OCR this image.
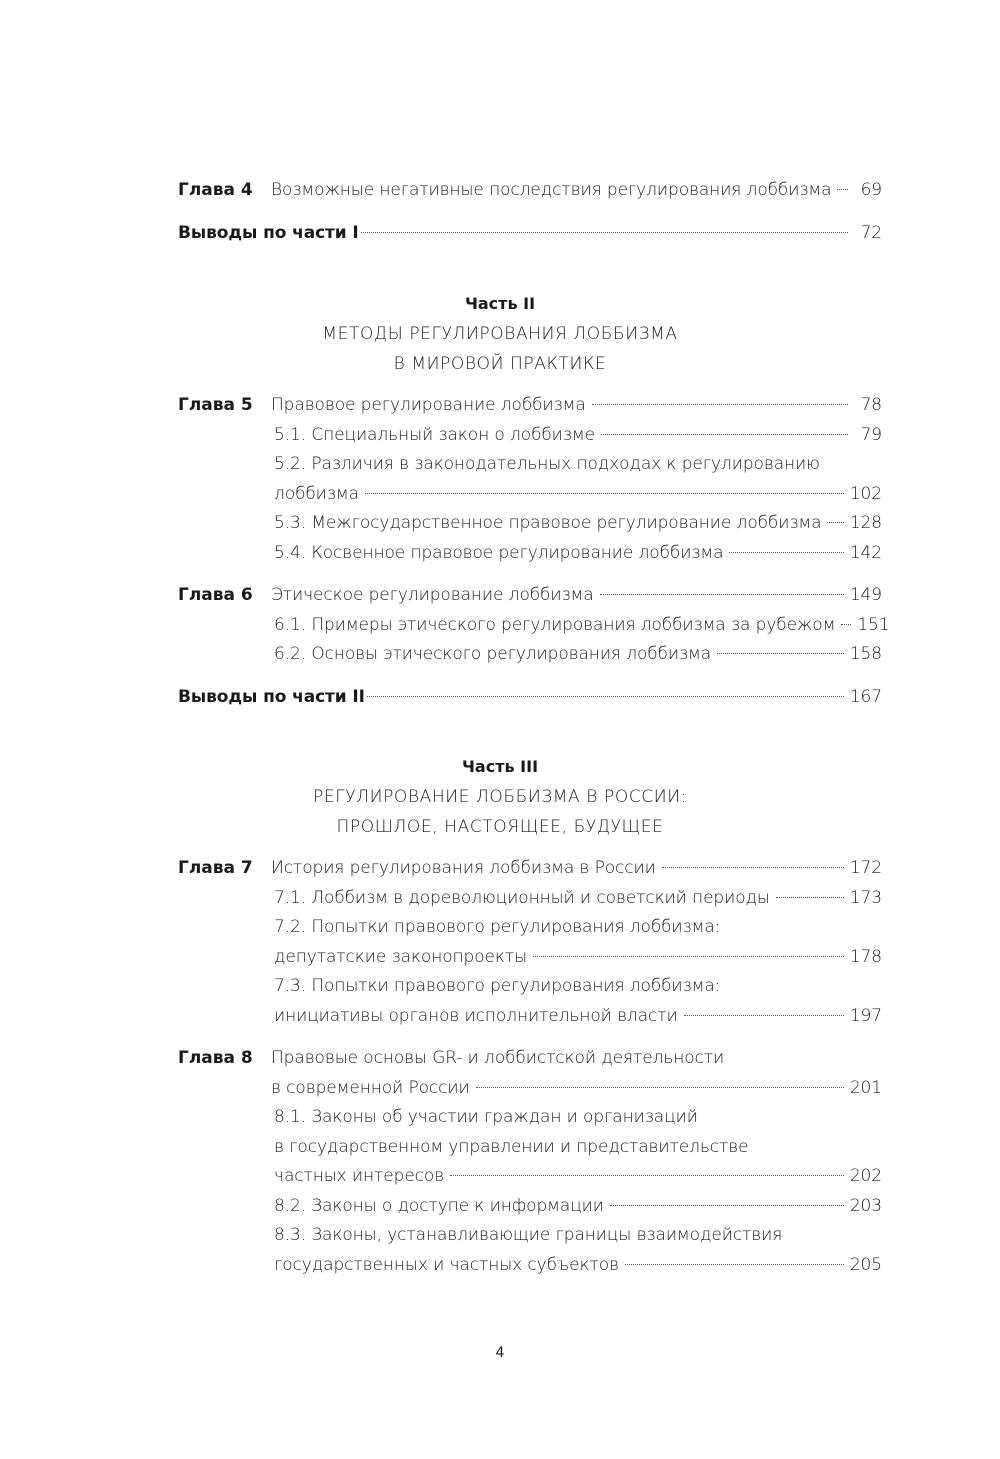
Глава 4	Возможные негативные последствия регулирования лоббизма	69
Выводы по части I	72
Часть II
МЕТОДЫ РЕГУЛИРОВАНИЯ ЛОББИЗМА
В МИРОВОЙ ПРАКТИКЕ
Глава 5	Правовое регулирование лоббизма	78
5.1. Специальный закон о лоббизме	79
5.2. Различия в законодательных подходах к регулированию
лоббизма	102
5.3. Межгосударственное правовое регулирование лоббизма 128
5.4. Косвенное правовое регулирование лоббизма	142
Глава 6	Этическое регулирование лоббизма	149
6.1. Примеры этического регулирования лоббизма за рубежом 151
6.2. Основы этического регулирования лоббизма	158
Выводы по части II	167
Часть III
РЕГУЛИРОВАНИЕ ЛОББИЗМА В РОССИИ:
ПРОШЛОЕ, НАСТОЯЩЕЕ, БУДУЩЕЕ
Глава 7	История регулирования лоббизма в России	172
7.1. Лоббизм в дореволюционный и советский периоды	173
7.2. Попытки правового регулирования лоббизма:
депутатские законопроекты	178
7.3. Попытки правового регулирования лоббизма:
инициативы органов исполнительной власти	197
Глава 8	Правовые основы GR- и лоббистской деятельности
в современной России	201
8.1. Законы об участии граждан и организаций
в государственном управлении и представительстве
частных интересов	202
8.2. Законы о доступе к информации	203
8.3. Законы, устанавливающие границы взаимодействия
государственных и частных субъектов	205
4
